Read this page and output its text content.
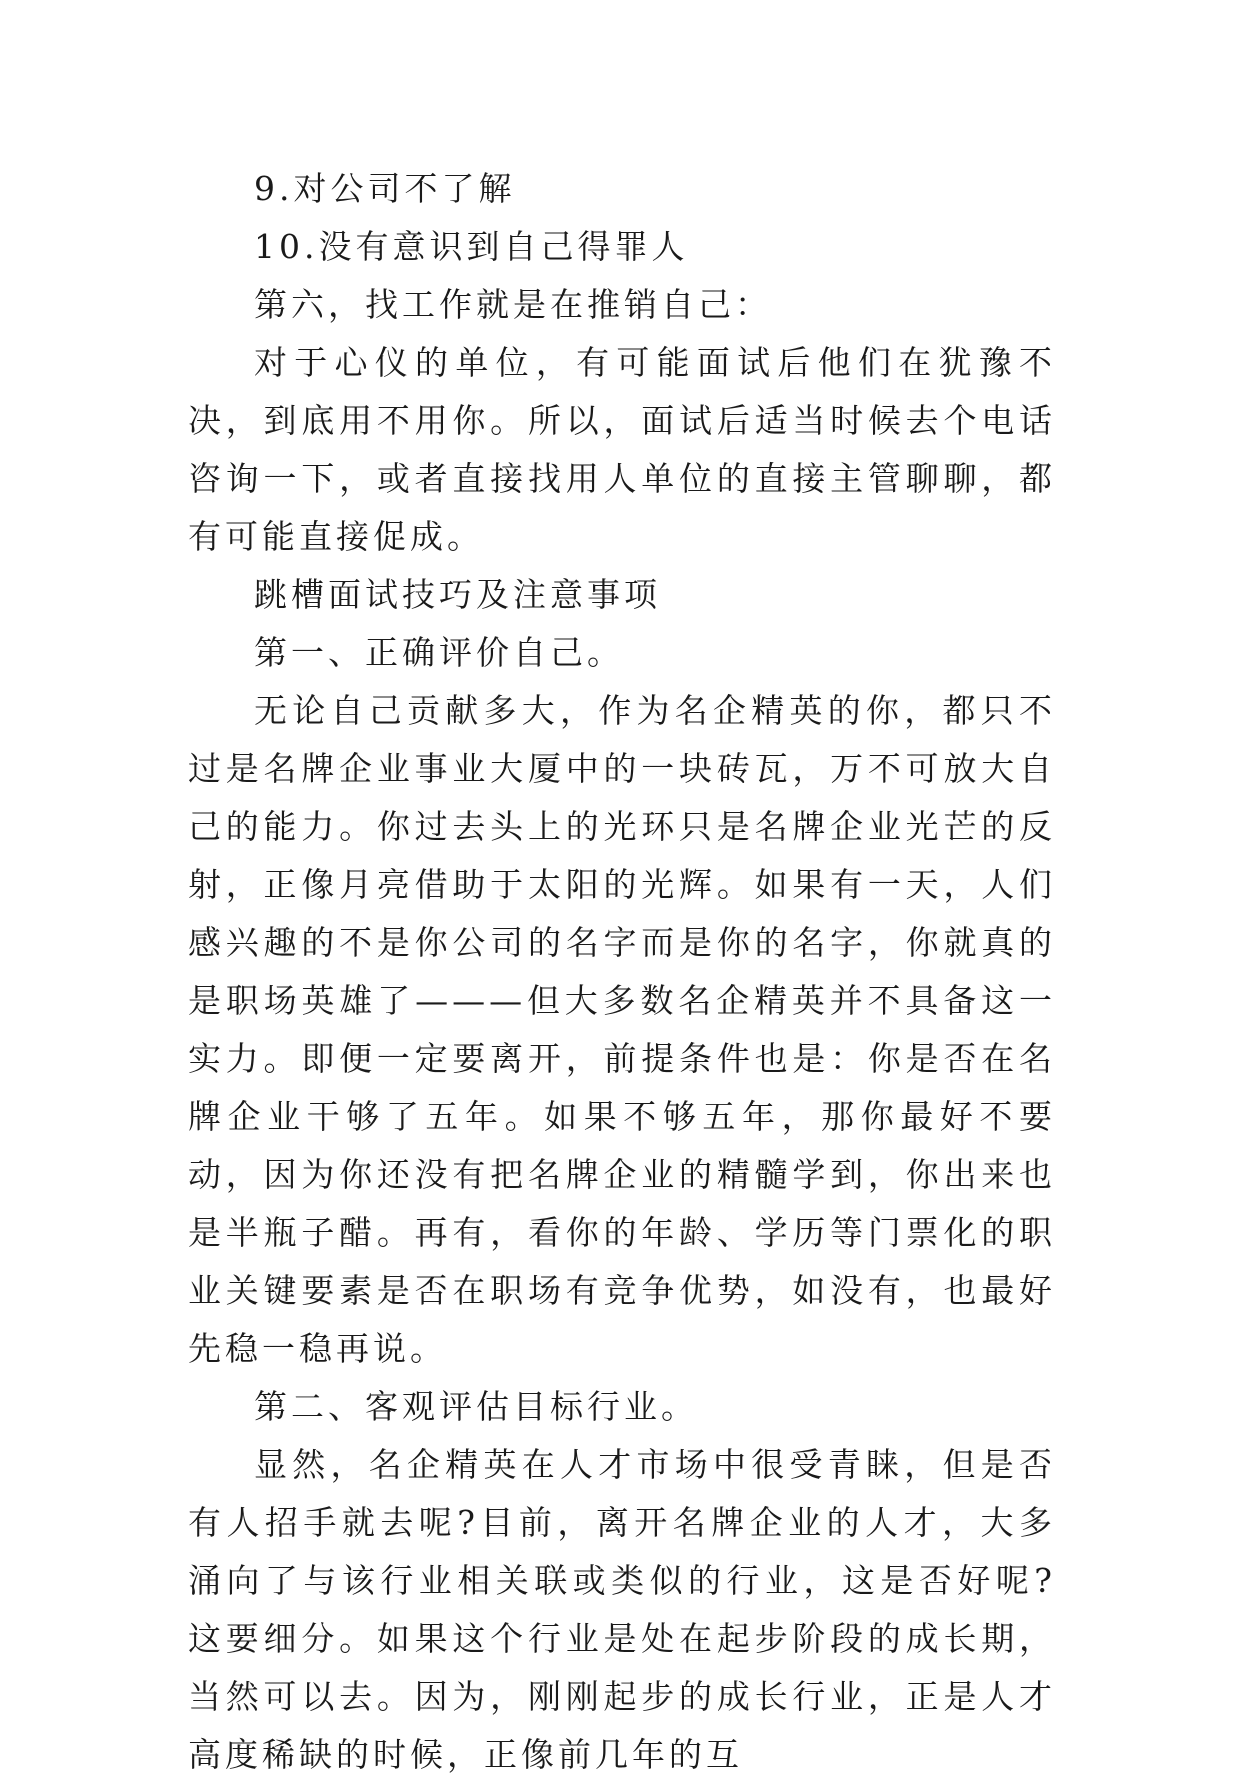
9.对公司不了解

10.没有意识到自己得罪人

第六，找工作就是在推销自己：

对于心仪的单位，有可能面试后他们在犹豫不决，到底用不用你。所以，面试后适当时候去个电话咨询一下，或者直接找用人单位的直接主管聊聊，都有可能直接促成。

跳槽面试技巧及注意事项

第一、正确评价自己。

无论自己贡献多大，作为名企精英的你，都只不过是名牌企业事业大厦中的一块砖瓦，万不可放大自己的能力。你过去头上的光环只是名牌企业光芒的反射，正像月亮借助于太阳的光辉。如果有一天，人们感兴趣的不是你公司的名字而是你的名字，你就真的是职场英雄了———但大多数名企精英并不具备这一实力。即便一定要离开，前提条件也是：你是否在名牌企业干够了五年。如果不够五年，那你最好不要动，因为你还没有把名牌企业的精髓学到，你出来也是半瓶子醋。再有，看你的年龄、学历等门票化的职业关键要素是否在职场有竞争优势，如没有，也最好先稳一稳再说。

第二、客观评估目标行业。

显然，名企精英在人才市场中很受青睐，但是否有人招手就去呢?目前，离开名牌企业的人才，大多涌向了与该行业相关联或类似的行业，这是否好呢?这要细分。如果这个行业是处在起步阶段的成长期，当然可以去。因为，刚刚起步的成长行业，正是人才高度稀缺的时候，正像前几年的互
